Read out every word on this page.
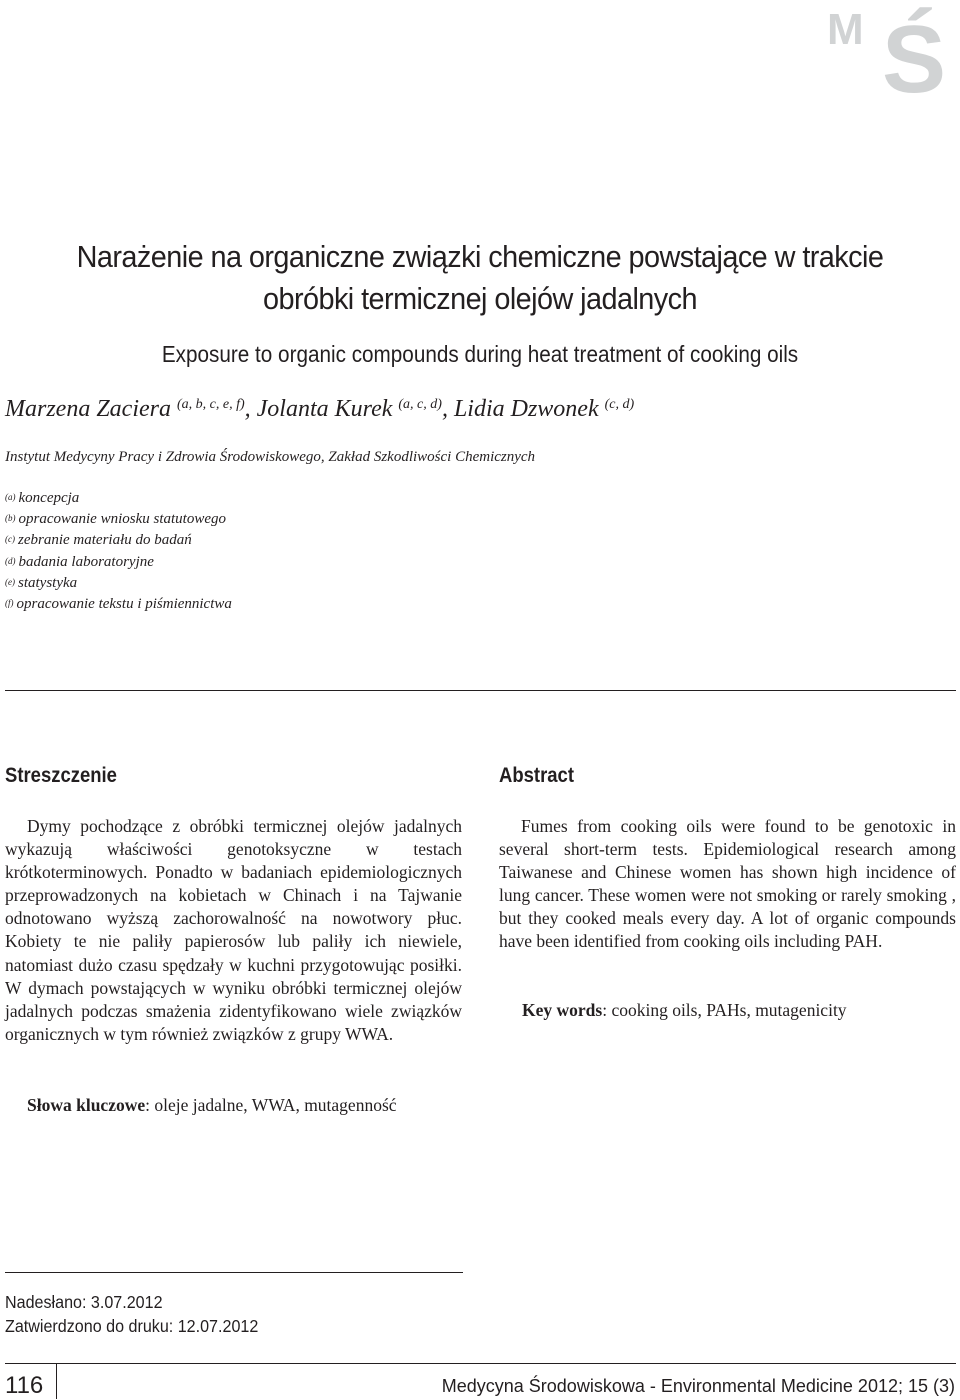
M Ś
Narażenie na organiczne związki chemiczne powstające w trakcie
obróbki termicznej olejów jadalnych
Exposure to organic compounds during heat treatment of cooking oils
Marzena Zaciera $^{(a, b, c, e, f)}$, Jolanta Kurek $^{(a, c, d)}$, Lidia Dzwonek $^{(c, d)}$
Instytut Medycyny Pracy i Zdrowia Środowiskowego, Zakład Szkodliwości Chemicznych
$^{(a)}$ koncepcja
$^{(b)}$ opracowanie wniosku statutowego
$^{(c)}$ zebranie materiału do badań
$^{(d)}$ badania laboratoryjne
$^{(e)}$ statystyka
$^{(f)}$ opracowanie tekstu i piśmiennictwa
Streszczenie
Dymy pochodzące z obróbki termicznej olejów jadalnych wykazują właściwości genotoksyczne w testach krótkoterminowych. Ponadto w badaniach epidemiologicznych przeprowadzonych na kobietach w Chinach i na Tajwanie odnotowano wyższą zachorowalność na nowotwory płuc. Kobiety te nie paliły papierosów lub paliły ich niewiele, natomiast dużo czasu spędzały w kuchni przygotowując posiłki. W dymach powstających w wyniku obróbki termicznej olejów jadalnych podczas smażenia zidentyfikowano wiele związków organicznych w tym również związków z grupy WWA.
Słowa kluczowe: oleje jadalne, WWA, mutagenność
Abstract
Fumes from cooking oils were found to be genotoxic in several short-term tests. Epidemiological research among Taiwanese and Chinese women has shown high incidence of lung cancer. These women were not smoking or rarely smoking , but they cooked meals every day. A lot of organic compounds have been identified from cooking oils including PAH.
Key words: cooking oils, PAHs, mutagenicity
Nadesłano: 3.07.2012
Zatwierdzono do druku: 12.07.2012
116	Medycyna Środowiskowa - Environmental Medicine 2012; 15 (3)
